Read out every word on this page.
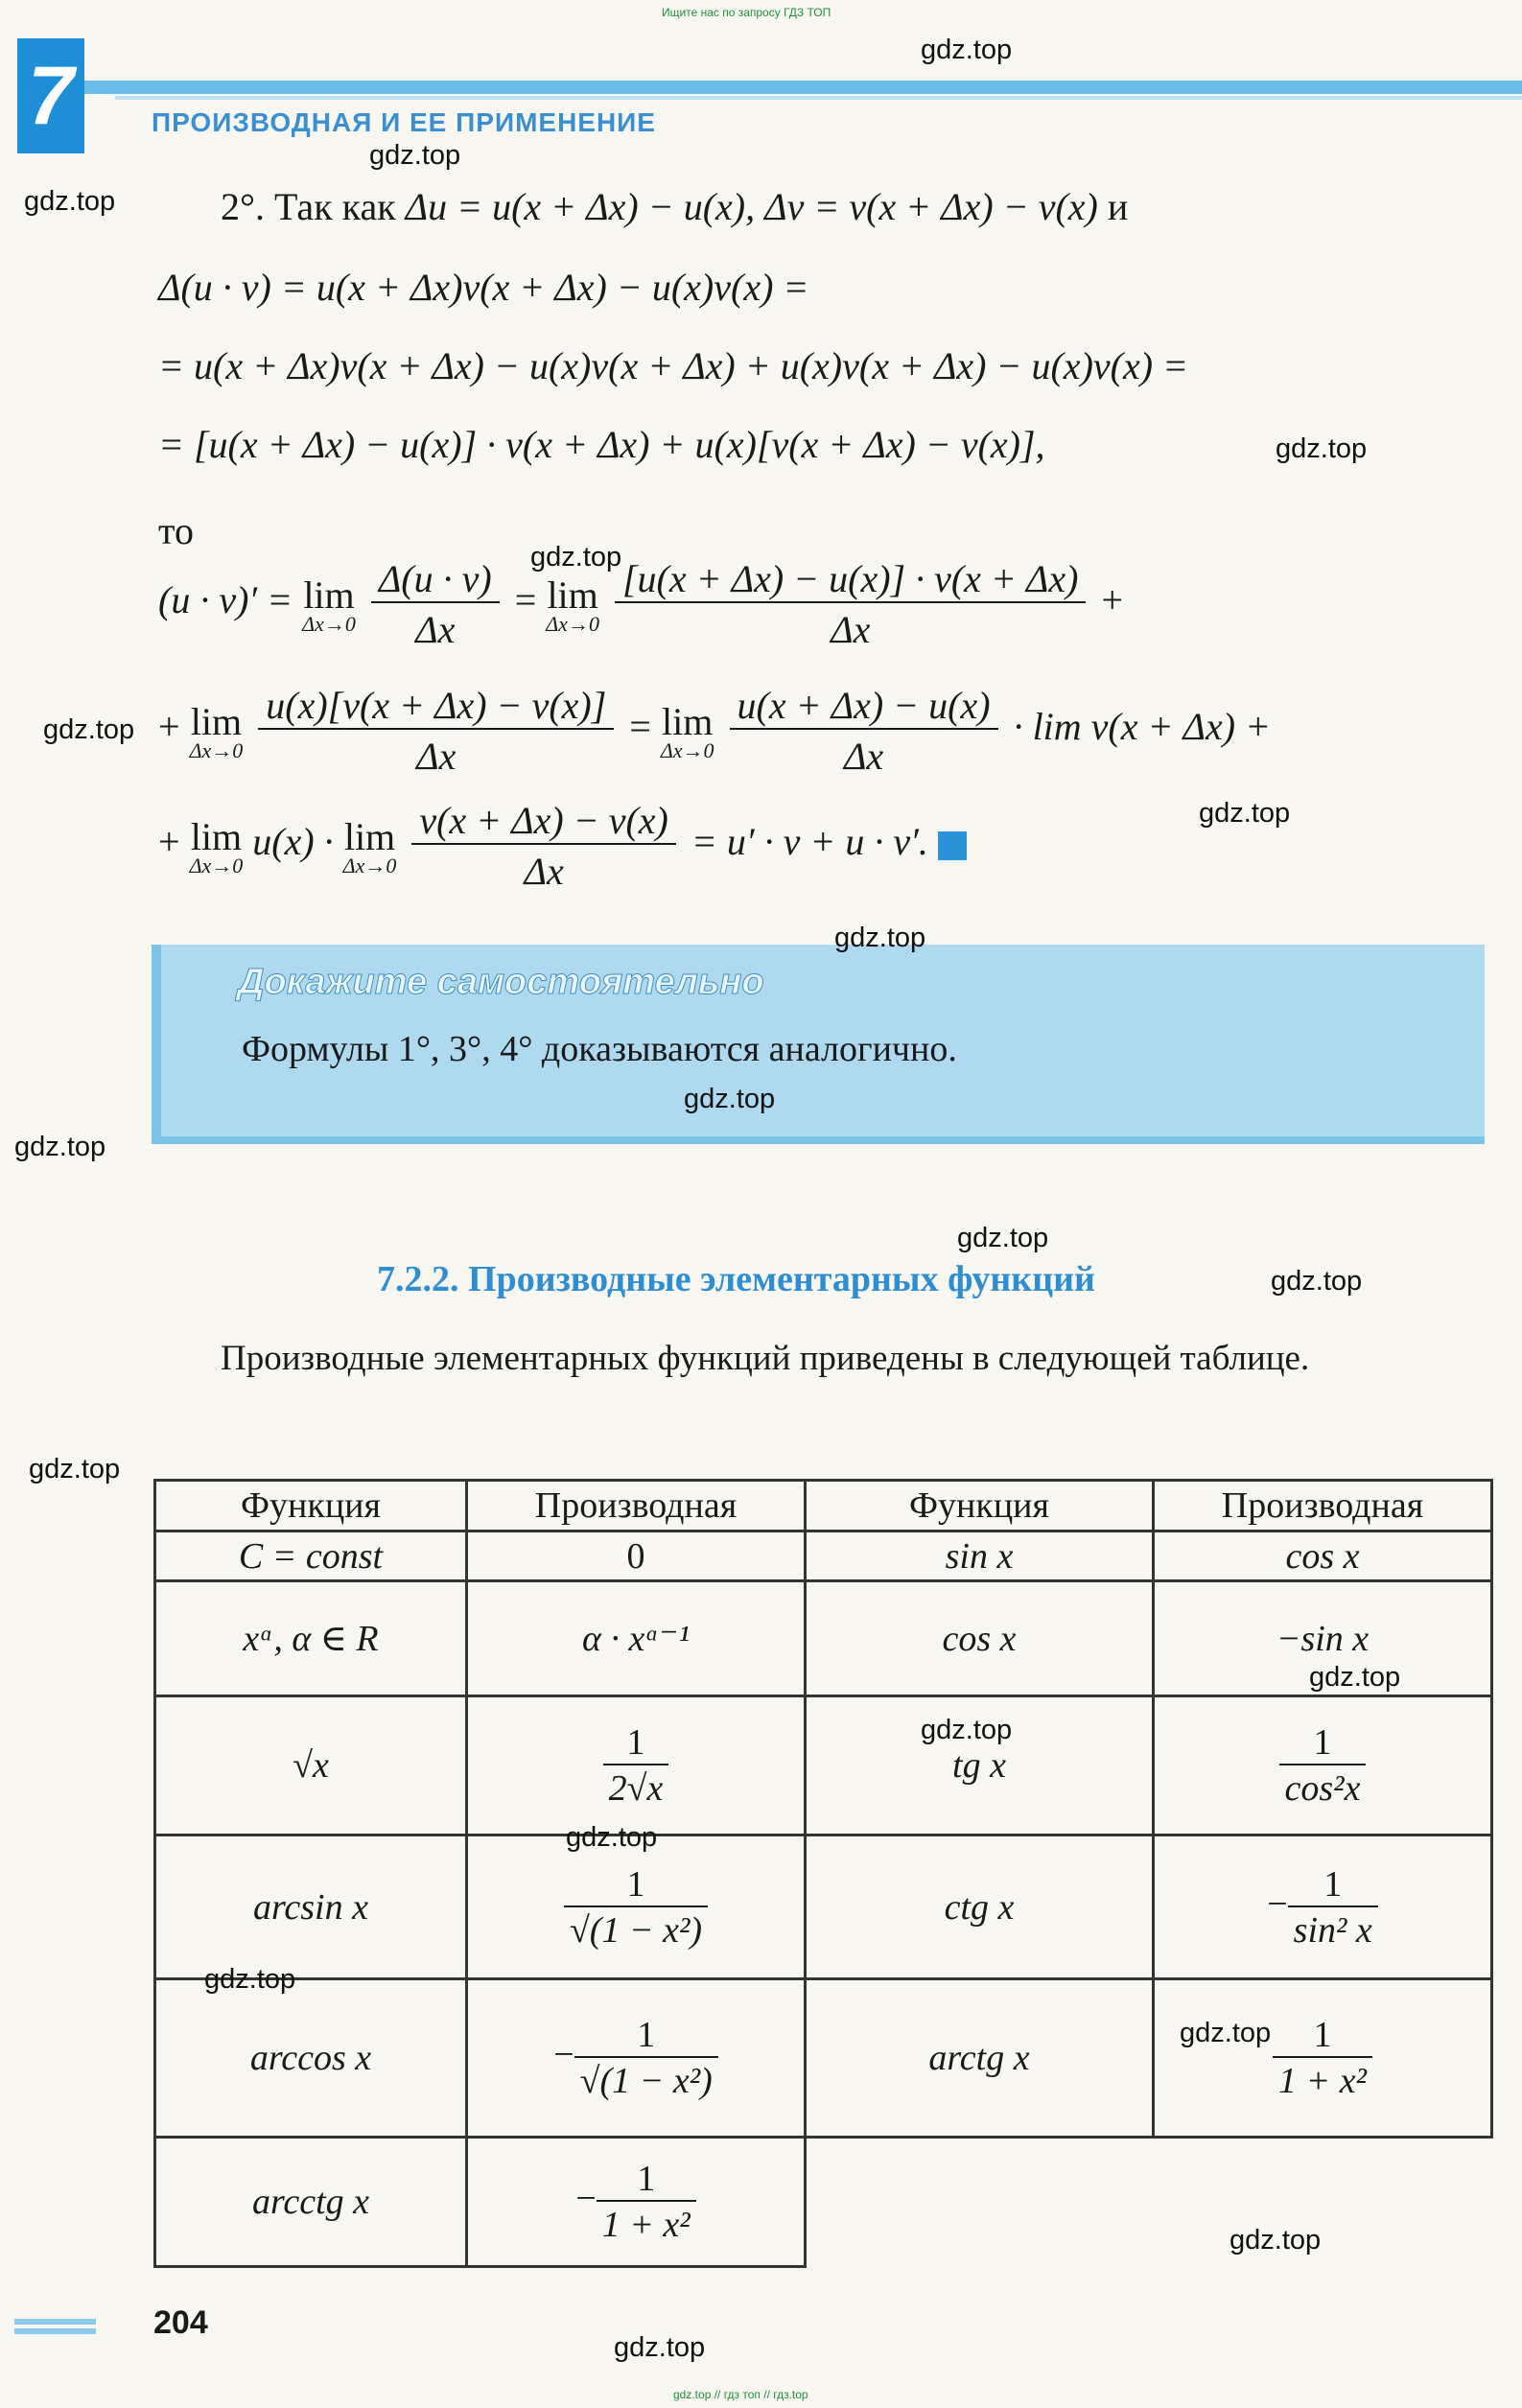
Ищите нас по запросу ГДЗ ТОП
gdz.top // гдз топ // гдз.top
7	ПРОИЗВОДНАЯ И ЕЕ ПРИМЕНЕНИЕ
2°. Так как Δu = u(x + Δx) − u(x), Δv = v(x + Δx) − v(x) и
Δ(u · v) = u(x + Δx)v(x + Δx) − u(x)v(x) =
= u(x + Δx)v(x + Δx) − u(x)v(x + Δx) + u(x)v(x + Δx) − u(x)v(x) =
= [u(x + Δx) − u(x)] · v(x + Δx) + u(x)[v(x + Δx) − v(x)],
то
(u · v)′ = lim
Δx→0
$\frac{\Delta(u \cdot v)}{\Delta x} = \lim$
Δx→0
$\frac{[u(x + \Delta x) - u(x)] \cdot v(x + \Delta x)}{\Delta x}$ +
+ lim
Δx→0
$\frac{u(x)[v(x + \Delta x) - v(x)]}{\Delta x} = \lim$
Δx→0
$\frac{u(x + \Delta x) - u(x)}{\Delta x} \cdot \lim v(x + \Delta x)$ +
+ lim
Δx→0
u(x) · lim
Δx→0
$\frac{v(x + \Delta x) - v(x)}{\Delta x} = u' \cdot v + u \cdot v'$.
Докажите самостоятельно
Формулы 1°, 3°, 4° доказываются аналогично.
7.2.2. Производные элементарных функций
Производные элементарных функций приведены в следующей таблице.
Функция	Производная	Функция	Производная
C = const	0	sin x	cos x
xᵅ, α ∈ R	α · xᵅ⁻¹	cos x	−sin x
√x	$\frac{1}{2√x}$	tg x	$\frac{1}{\text{cos²x}}$

arcsin x	$\frac{1}{\text{√(1 − x²)}}$	ctg x	− $\frac{1}{\text{sin² x}}$

arccos x	− $\frac{1}{\text{√(1 − x²)}}$	arctg x	$\frac{1}{\text{1 + x²}}$

arcctg x	− $\frac{1}{\text{1 + x²}}$

204
gdz.top
gdz.top
gdz.top
gdz.top
gdz.top
gdz.top
gdz.top
gdz.top
gdz.top
gdz.top
gdz.top
gdz.top
gdz.top
gdz.top
gdz.top
gdz.top
gdz.top
gdz.top
gdz.top
gdz.top
